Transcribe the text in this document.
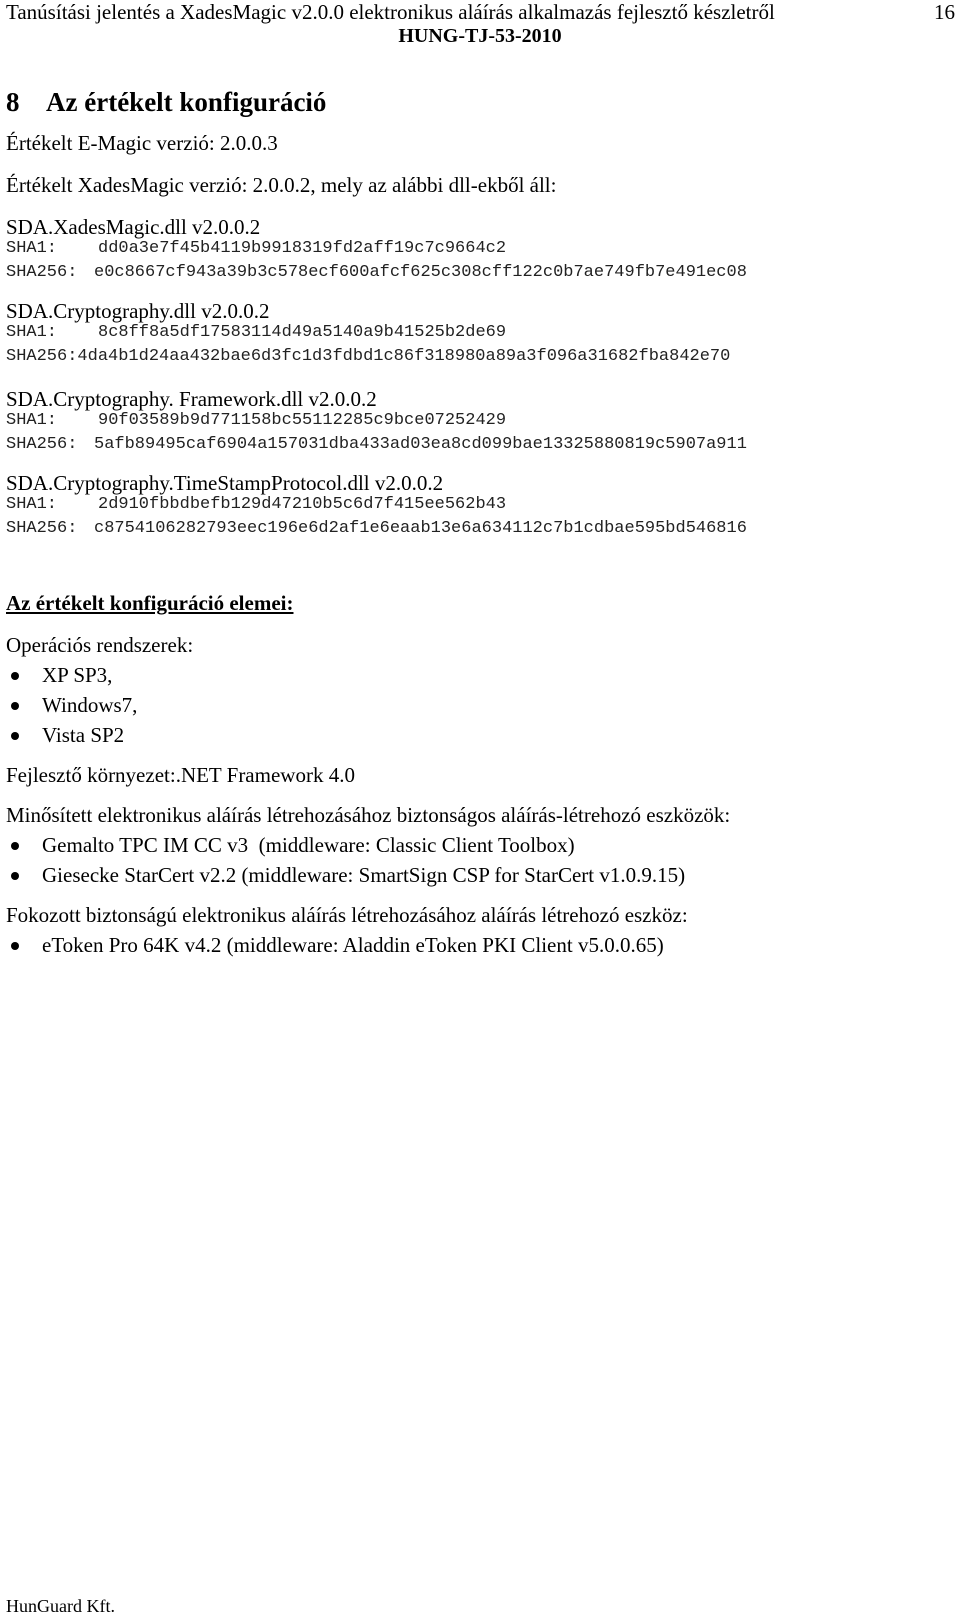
Tanúsítási jelentés a XadesMagic v2.0.0 elektronikus aláírás alkalmazás fejlesztő készletről	16
HUNG-TJ-53-2010
8 Az értékelt konfiguráció
Értékelt E-Magic verzió: 2.0.0.3
Értékelt XadesMagic verzió: 2.0.0.2, mely az alábbi dll-ekből áll:
SDA.XadesMagic.dll v2.0.0.2
SHA1: dd0a3e7f45b4119b9918319fd2aff19c7c9664c2
SHA256: e0c8667cf943a39b3c578ecf600afcf625c308cff122c0b7ae749fb7e491ec08
SDA.Cryptography.dll v2.0.0.2
SHA1: 8c8ff8a5df17583114d49a5140a9b41525b2de69
SHA256:4da4b1d24aa432bae6d3fc1d3fdbd1c86f318980a89a3f096a31682fba842e70
SDA.Cryptography. Framework.dll v2.0.0.2
SHA1: 90f03589b9d771158bc55112285c9bce07252429
SHA256: 5afb89495caf6904a157031dba433ad03ea8cd099bae13325880819c5907a911
SDA.Cryptography.TimeStampProtocol.dll v2.0.0.2
SHA1: 2d910fbbdbefb129d47210b5c6d7f415ee562b43
SHA256: c8754106282793eec196e6d2af1e6eaab13e6a634112c7b1cdbae595bd546816
Az értékelt konfiguráció elemei:
Operációs rendszerek:
XP SP3,
Windows7,
Vista SP2
Fejlesztő környezet:.NET Framework 4.0
Minősített elektronikus aláírás létrehozásához biztonságos aláírás-létrehozó eszközök:
Gemalto TPC IM CC v3  (middleware: Classic Client Toolbox)
Giesecke StarCert v2.2 (middleware: SmartSign CSP for StarCert v1.0.9.15)
Fokozott biztonságú elektronikus aláírás létrehozásához aláírás létrehozó eszköz:
eToken Pro 64K v4.2 (middleware: Aladdin eToken PKI Client v5.0.0.65)
HunGuard Kft.
